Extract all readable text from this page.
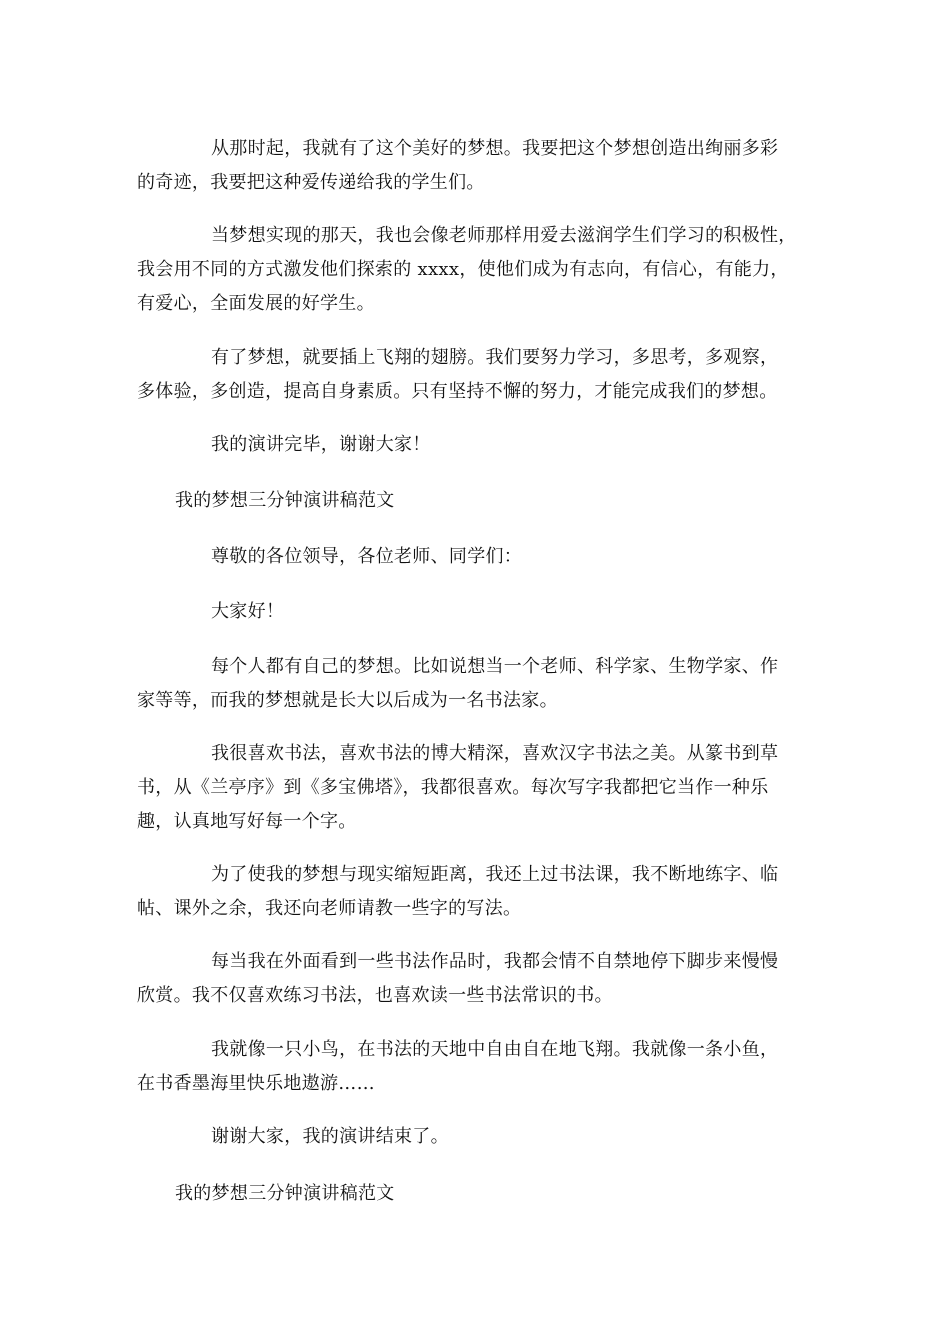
从那时起，我就有了这个美好的梦想。我要把这个梦想创造出绚丽多彩
的奇迹，我要把这种爱传递给我的学生们。

当梦想实现的那天，我也会像老师那样用爱去滋润学生们学习的积极性，
我会用不同的方式激发他们探索的 xxxx，使他们成为有志向，有信心，有能力，
有爱心，全面发展的好学生。

有了梦想，就要插上飞翔的翅膀。我们要努力学习，多思考，多观察，
多体验，多创造，提高自身素质。只有坚持不懈的努力，才能完成我们的梦想。

我的演讲完毕，谢谢大家！

我的梦想三分钟演讲稿范文

尊敬的各位领导，各位老师、同学们：

大家好！

每个人都有自己的梦想。比如说想当一个老师、科学家、生物学家、作
家等等，而我的梦想就是长大以后成为一名书法家。

我很喜欢书法，喜欢书法的博大精深，喜欢汉字书法之美。从篆书到草
书，从《兰亭序》到《多宝佛塔》，我都很喜欢。每次写字我都把它当作一种乐
趣，认真地写好每一个字。

为了使我的梦想与现实缩短距离，我还上过书法课，我不断地练字、临
帖、课外之余，我还向老师请教一些字的写法。

每当我在外面看到一些书法作品时，我都会情不自禁地停下脚步来慢慢
欣赏。我不仅喜欢练习书法，也喜欢读一些书法常识的书。

我就像一只小鸟，在书法的天地中自由自在地飞翔。我就像一条小鱼，
在书香墨海里快乐地遨游……

谢谢大家，我的演讲结束了。

我的梦想三分钟演讲稿范文
